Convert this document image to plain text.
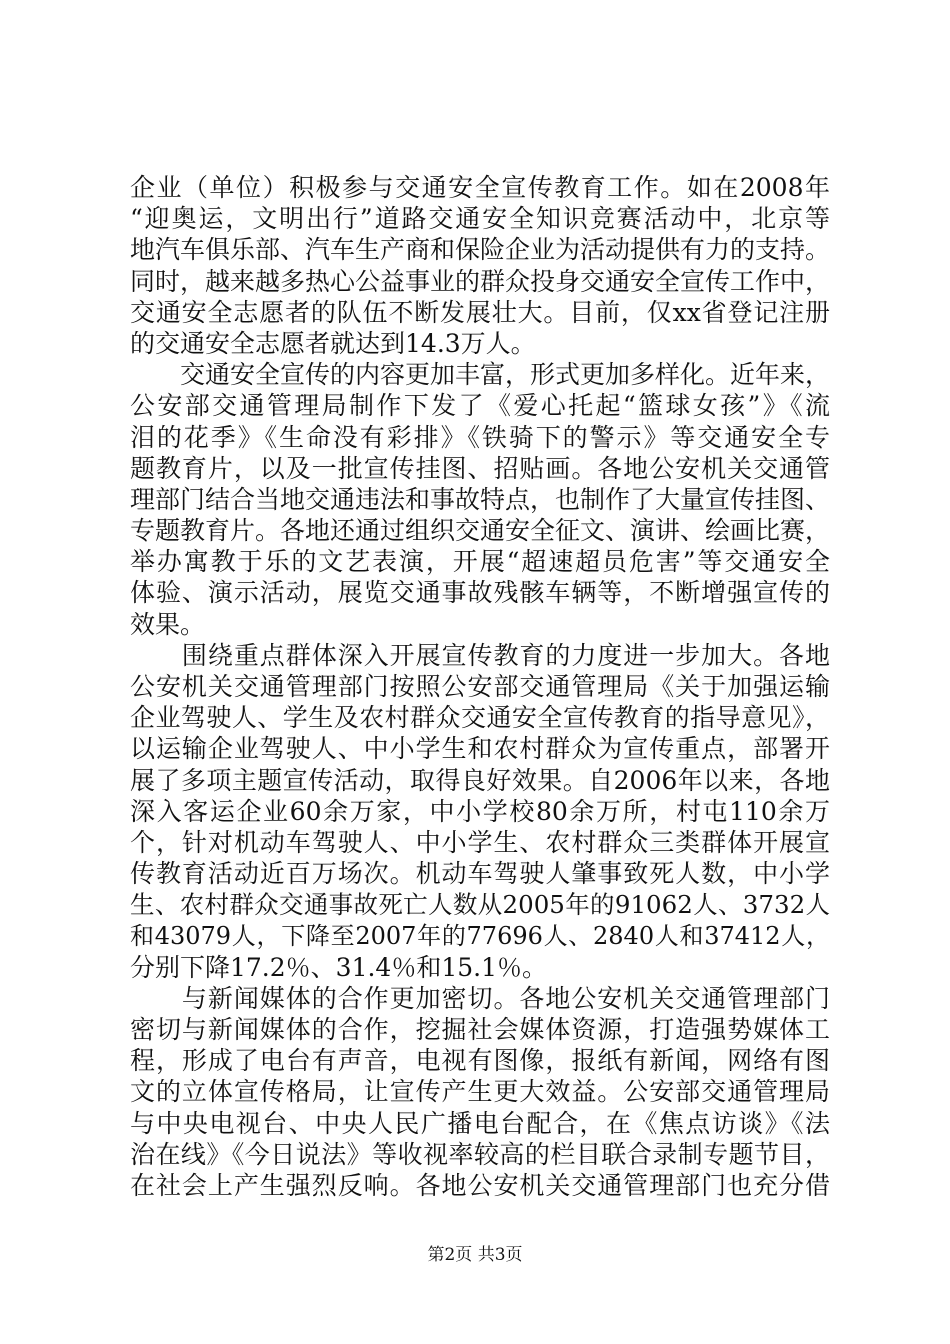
企业（单位）积极参与交通安全宣传教育工作。如在2008年
“迎奥运，文明出行”道路交通安全知识竞赛活动中，北京等
地汽车俱乐部、汽车生产商和保险企业为活动提供有力的支持。
同时，越来越多热心公益事业的群众投身交通安全宣传工作中，
交通安全志愿者的队伍不断发展壮大。目前，仅xx省登记注册
的交通安全志愿者就达到14.3万人。
　　交通安全宣传的内容更加丰富，形式更加多样化。近年来，
公安部交通管理局制作下发了《爱心托起“篮球女孩”》《流
泪的花季》《生命没有彩排》《铁骑下的警示》等交通安全专
题教育片，以及一批宣传挂图、招贴画。各地公安机关交通管
理部门结合当地交通违法和事故特点，也制作了大量宣传挂图、
专题教育片。各地还通过组织交通安全征文、演讲、绘画比赛，
举办寓教于乐的文艺表演，开展“超速超员危害”等交通安全
体验、演示活动，展览交通事故残骸车辆等，不断增强宣传的
效果。
　　围绕重点群体深入开展宣传教育的力度进一步加大。各地
公安机关交通管理部门按照公安部交通管理局《关于加强运输
企业驾驶人、学生及农村群众交通安全宣传教育的指导意见》，
以运输企业驾驶人、中小学生和农村群众为宣传重点，部署开
展了多项主题宣传活动，取得良好效果。自2006年以来，各地
深入客运企业60余万家，中小学校80余万所，村屯110余万
个，针对机动车驾驶人、中小学生、农村群众三类群体开展宣
传教育活动近百万场次。机动车驾驶人肇事致死人数，中小学
生、农村群众交通事故死亡人数从2005年的91062人、3732人
和43079人，下降至2007年的77696人、2840人和37412人，
分别下降17.2％、31.4％和15.1％。
　　与新闻媒体的合作更加密切。各地公安机关交通管理部门
密切与新闻媒体的合作，挖掘社会媒体资源，打造强势媒体工
程，形成了电台有声音，电视有图像，报纸有新闻，网络有图
文的立体宣传格局，让宣传产生更大效益。公安部交通管理局
与中央电视台、中央人民广播电台配合，在《焦点访谈》《法
治在线》《今日说法》等收视率较高的栏目联合录制专题节目，
在社会上产生强烈反响。各地公安机关交通管理部门也充分借
第2页 共3页
